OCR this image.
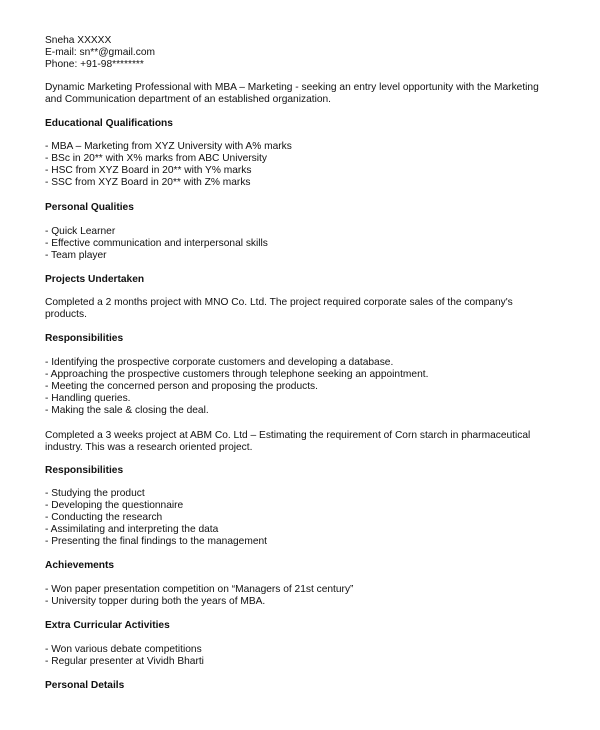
Sneha XXXXX
E-mail: sn**@gmail.com
Phone: +91-98********
Dynamic Marketing Professional with MBA – Marketing - seeking an entry level opportunity with the Marketing
and Communication department of an established organization.
Educational Qualifications
- MBA – Marketing from XYZ University with A% marks
- BSc in 20** with X% marks from ABC University
- HSC from XYZ Board in 20** with Y% marks
- SSC from XYZ Board in 20** with Z% marks
Personal Qualities
- Quick Learner
- Effective communication and interpersonal skills
- Team player
Projects Undertaken
Completed a 2 months project with MNO Co. Ltd. The project required corporate sales of the company's
products.
Responsibilities
- Identifying the prospective corporate customers and developing a database.
- Approaching the prospective customers through telephone seeking an appointment.
- Meeting the concerned person and proposing the products.
- Handling queries.
- Making the sale & closing the deal.
Completed a 3 weeks project at ABM Co. Ltd – Estimating the requirement of Corn starch in pharmaceutical
industry. This was a research oriented project.
Responsibilities
- Studying the product
- Developing the questionnaire
- Conducting the research
- Assimilating and interpreting the data
- Presenting the final findings to the management
Achievements
- Won paper presentation competition on “Managers of 21st century”
- University topper during both the years of MBA.
Extra Curricular Activities
- Won various debate competitions
- Regular presenter at Vividh Bharti
Personal Details
